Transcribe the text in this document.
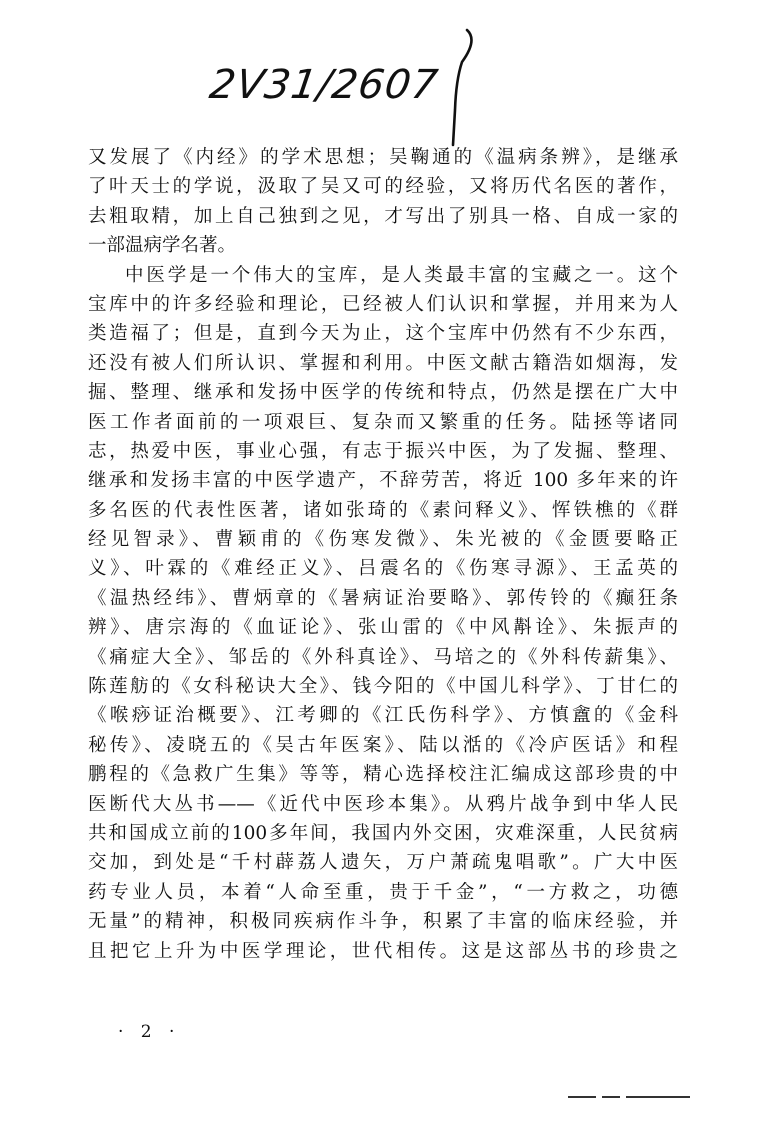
2V31/2607
又发展了《内经》的学术思想；吴鞠通的《温病条辨》，是继承
了叶天士的学说，汲取了吴又可的经验，又将历代名医的著作，
去粗取精，加上自己独到之见，才写出了别具一格、自成一家的
一部温病学名著。
中医学是一个伟大的宝库，是人类最丰富的宝藏之一。这个
宝库中的许多经验和理论，已经被人们认识和掌握，并用来为人
类造福了；但是，直到今天为止，这个宝库中仍然有不少东西，
还没有被人们所认识、掌握和利用。中医文献古籍浩如烟海，发
掘、整理、继承和发扬中医学的传统和特点，仍然是摆在广大中
医工作者面前的一项艰巨、复杂而又繁重的任务。陆拯等诸同
志，热爱中医，事业心强，有志于振兴中医，为了发掘、整理、
继承和发扬丰富的中医学遗产，不辞劳苦，将近 100 多年来的许
多名医的代表性医著，诸如张琦的《素问释义》、恽铁樵的《群
经见智录》、曹颖甫的《伤寒发微》、朱光被的《金匮要略正
义》、叶霖的《难经正义》、吕震名的《伤寒寻源》、王孟英的
《温热经纬》、曹炳章的《暑病证治要略》、郭传铃的《癫狂条
辨》、唐宗海的《血证论》、张山雷的《中风斠诠》、朱振声的
《痛症大全》、邹岳的《外科真诠》、马培之的《外科传薪集》、
陈莲舫的《女科秘诀大全》、钱今阳的《中国儿科学》、丁甘仁的
《喉痧证治概要》、江考卿的《江氏伤科学》、方慎盦的《金科
秘传》、凌晓五的《吴古年医案》、陆以湉的《冷庐医话》和程
鹏程的《急救广生集》等等，精心选择校注汇编成这部珍贵的中
医断代大丛书——《近代中医珍本集》。从鸦片战争到中华人民
共和国成立前的100多年间，我国内外交困，灾难深重，人民贫病
交加，到处是“千村薜荔人遗矢，万户萧疏鬼唱歌”。广大中医
药专业人员，本着“人命至重，贵于千金”，“一方救之，功德
无量”的精神，积极同疾病作斗争，积累了丰富的临床经验，并
且把它上升为中医学理论，世代相传。这是这部丛书的珍贵之
· 2 ·
